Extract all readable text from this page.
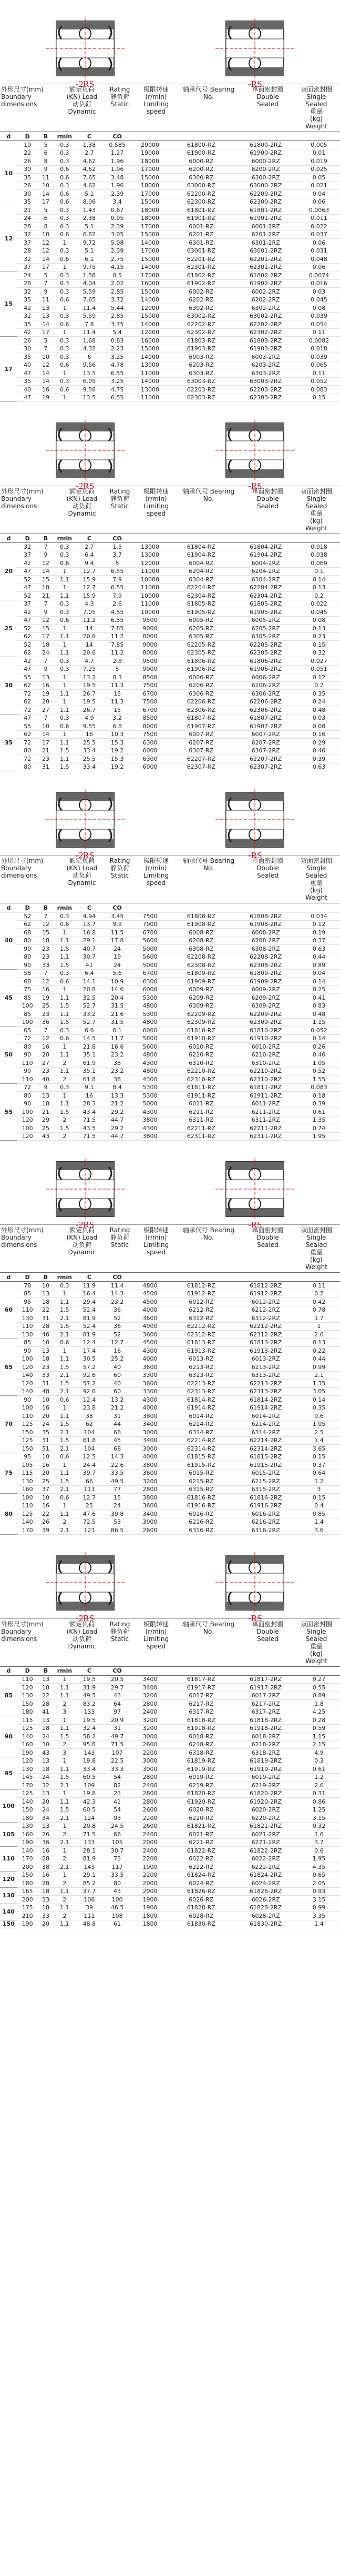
-2RS	-RS
外形尺寸(mm)
Boundary dimensions
额定负荷(KN) Load
动负荷
Dynamic
Rating
静负荷
Static
极限转速
(r/min)
Limiting
speed
轴承代号 Bearing
No.
单面密封圈
Double
Sealed
双面密封圈
Single
Sealed
重量
(kg)
Weight
d	D	B	rmin	C	CO				
10	19	5	0.3	1.38	0.585	20000	61800-RZ	61800-2RZ	0.005
	22	6	0.3	2.7	1.27	19000	61900-RZ	61900-2RZ	0.01
	26	8	0.3	4.62	1.96	18000	6000-RZ	6000-2RZ	0.019
	30	9	0.6	4.62	1.96	17000	6200-RZ	6200-2RZ	0.025
	35	11	0.6	7.65	3.48	15000	6300-RZ	6300-2RZ	0.05
	26	10	0.3	4.62	1.96	18000	63000-RZ	63000-2RZ	0.021
	30	14	0.6	5.1	2.39	17000	62200-RZ	62200-2RZ	0.04
	35	17	0.6	8.06	3.4	15000	62300-RZ	62300-2RZ	0.06
12	21	5	0.3	1.43	0.67	18000	61801-RZ	61801-2RZ	0.0063
	24	6	0.3	2.38	0.95	18000	61901-RZ	61901-2RZ	0.011
	28	8	0.3	5.1	2.39	17000	6001-RZ	6001-2RZ	0.022
	32	10	0.6	6.82	3.05	15000	6201-RZ	6201-2RZ	0.037
	37	12	1	9.72	5.08	14000	6301-RZ	6301-2RZ	0.06
	28	12	0.3	5.1	2.39	17000	63001-RZ	63001-2RZ	0.031
	32	14	0.6	6.1	2.75	15000	62201-RZ	62201-2RZ	0.048
	37	17	1	9.75	4.15	14000	62301-RZ	62301-2RZ	0.06
15	24	5	0.3	1.58	0.5	17000	61802-RZ	61802-2RZ	0.0074
	28	7	0.3	4.04	2.02	16000	61902-RZ	61902-2RZ	0.016
	32	9	0.3	5.59	2.85	15000	6002-RZ	6002-2RZ	0.03
	35	11	0.6	7.65	3.72	14000	6202-RZ	6202-2RZ	0.045
	42	13	1	11.4	5.44	12000	6302-RZ	6302-2RZ	0.08
	32	13	0.3	5.59	2.85	15000	63002-RZ	63002-2RZ	0.039
	35	14	0.6	7.8	3.75	14000	62202-RZ	62202-2RZ	0.054
	42	17	1	11.4	5.4	12000	62302-RZ	62302-2RZ	0.11
17	26	5	0.3	1.68	0.83	16000	61803-RZ	61803-2RZ	0.0082
	30	7	0.3	4.32	2.23	15000	61903-RZ	61903-2RZ	0.018
	35	10	0.3	6	3.25	14000	6003-RZ	6003-2RZ	0.039
	40	12	0.6	9.56	4.78	13000	6203-RZ	6203-2RZ	0.065
	47	14	1	13.5	6.55	11000	6303-RZ	6303-2RZ	0.11
	35	14	0.3	6.05	3.25	14000	63003-RZ	63003-2RZ	0.052
	40	16	0.6	9.56	4.75	13000	62203-RZ	62203-2RZ	0.083
	47	19	1	13.5	6.55	11000	62303-RZ	62303-2RZ	0.15
-2RS	-RS
外形尺寸(mm)
Boundary dimensions
额定负荷(KN) Load
动负荷
Dynamic
Rating
静负荷
Static
极限转速
(r/min)
Limiting
speed
轴承代号 Bearing
No.
单面密封圈
Double
Sealed
双面密封圈
Single
Sealed
重量
(kg)
Weight
d	D	B	rmin	C	CO				
20	32	7	0.3	2.7	1.5	13000	61804-RZ	61804-2RZ	0.018
	37	9	0.3	6.4	3.7	13000	61904-RZ	61904-2RZ	0.038
	42	12	0.6	9.4	5	12000	6004-RZ	6004-2RZ	0.069
	47	14	1	12.7	6.55	11000	6204-RZ	6204-2RZ	0.1
	52	15	1.1	15.9	7.9	10000	6304-RZ	6304-2RZ	0.14
	47	18	1	12.7	6.55	11000	62204-RZ	62204-2RZ	0.13
	52	21	1.1	15.9	7.9	10000	62304-RZ	62304-2RZ	0.2
25	37	7	0.3	4.3	2.6	11000	61805-RZ	61805-2RZ	0.022
	42	9	0.3	7.05	4.55	10000	61905-RZ	61905-2RZ	0.045
	47	12	0.6	11.2	6.55	9500	6005-RZ	6005-2RZ	0.08
	52	15	1	14	7.85	9000	6205-RZ	6205-2RZ	0.13
	62	17	1.1	20.6	11.2	8000	6305-RZ	6305-2RZ	0.23
	52	18	1	14	7.85	9000	62205-RZ	62205-2RZ	0.15
	62	24	1.1	20.6	11.2	8000	62305-RZ	62305-2RZ	0.32
30	42	7	0.3	4.7	2.8	9500	61806-RZ	61806-2RZ	0.027
	47	9	0.3	7.25	5	9000	61906-RZ	61906-2RZ	0.051
	55	13	1	13.2	8.3	8500	6006-RZ	6006-2RZ	0.12
	62	16	1	19.5	11.3	7500	6206-RZ	6206-2RZ	0.2
	72	19	1.1	26.7	15	6700	6306-RZ	6306-2RZ	0.35
	62	20	1	19.5	11.3	7500	62206-RZ	62206-2RZ	0.24
	72	27	1.1	26.7	15	6700	62306-RZ	62306-2RZ	0.48
35	47	7	0.3	4.9	3.2	8500	61807-RZ	61807-2RZ	0.03
	55	10	0.6	9.55	6.8	8000	61907-RZ	61907-2RZ	0.08
	62	14	1	16	10.3	7500	6007-RZ	6007-2RZ	0.16
	72	17	1.1	25.5	15.3	6300	6207-RZ	6207-2RZ	0.29
	80	21	1.5	33.4	19.2	6000	6307-RZ	6307-2RZ	0.46
	72	23	1.1	25.5	15.3	6300	62207-RZ	62207-2RZ	0.39
	80	31	1.5	33.4	19.2	6000	62307-RZ	62307-2RZ	0.63
-2RS	-RS
外形尺寸(mm)
Boundary dimensions
额定负荷(KN) Load
动负荷
Dynamic
Rating
静负荷
Static
极限转速
(r/min)
Limiting
speed
轴承代号 Bearing
No.
单面密封圈
Double
Sealed
双面密封圈
Single
Sealed
重量
(kg)
Weight
d	D	B	rmin	C	CO				
40	52	7	0.3	4.94	3.45	7500	61808-RZ	61808-2RZ	0.034
	62	12	0.6	13.7	9.9	7000	61908-RZ	61908-2RZ	0.12
	68	15	1	16.8	11.5	6700	6008-RZ	6008-2RZ	0.19
	80	18	1.1	29.1	17.8	5600	6208-RZ	6208-2RZ	0.37
	90	23	1.5	40.7	24	5000	6308-RZ	6308-2RZ	0.63
	80	23	1.1	30.7	19	5600	62208-RZ	62208-2RZ	0.44
	90	33	1.5	41	24	5000	62308-RZ	62308-2RZ	0.89
45	58	7	0.3	6.4	5.6	6700	61809-RZ	61809-2RZ	0.04
	68	12	0.6	14.1	10.9	6300	61909-RZ	61909-2RZ	0.14
	75	16	1	20.8	14.6	6000	6009-RZ	6009-2RZ	0.25
	85	19	1.1	32.5	20.4	5300	6209-RZ	6209-2RZ	0.41
	100	25	1.5	52.7	31.5	4800	6309-RZ	6309-2RZ	0.83
	85	23	1.1	33.2	21.6	5300	62209-RZ	62209-2RZ	0.48
	100	36	1.5	52.7	31.5	4800	62309-RZ	62309-2RZ	1.15
50	65	7	0.3	6.6	6.1	6000	61810-RZ	61810-2RZ	0.052
	72	12	0.6	14.5	11.7	5800	61910-RZ	61910-2RZ	0.14
	80	16	1	21.8	16.6	5600	6010-RZ	6010-2RZ	0.26
	90	20	1.1	35.1	23.2	4800	6210-RZ	6210-2RZ	0.46
	110	27	2	61.9	38	4300	6310-RZ	6310-2RZ	1.05
	90	23	1.1	35.1	23.2	4800	62210-RZ	62210-2RZ	0.52
	110	40	2	61.8	38	4300	62310-RZ	62310-2RZ	1.55
55	72	9	0.3	9.1	8.4	5300	61811-RZ	61811-2RZ	0.083
	80	13	1	16	13.3	5300	61911-RZ	61911-2RZ	0.18
	90	18	1.1	28.3	21.2	5000	6011-RZ	6011-2RZ	0.39
	100	21	1.5	43.4	29.2	4300	6211-RZ	6211-2RZ	0.61
	120	29	2	71.5	44.7	3800	6311-RZ	6311-2RZ	1.35
	100	25	1.5	43.5	29.2	4300	62211-RZ	62211-2RZ	0.74
	120	43	2	71.5	44.7	3800	62311-RZ	62311-2RZ	1.95
-2RS	-RS
外形尺寸(mm)
Boundary dimensions
额定负荷(KN) Load
动负荷
Dynamic
Rating
静负荷
Static
极限转速
(r/min)
Limiting
speed
轴承代号 Bearing
No.
单面密封圈
Double
Sealed
双面密封圈
Single
Sealed
重量
(kg)
Weight
d	D	B	rmin	C	CO				
60	78	10	0.3	11.9	11.4	4800	61812-RZ	61812-2RZ	0.11
	85	13	1	16.4	14.3	4500	61912-RZ	61912-2RZ	0.2
	95	18	1.1	29.4	23.2	4500	6012-RZ	6012-2RZ	0.42
	110	22	1.5	52.4	36	4000	6212-RZ	6212-2RZ	0.78
	130	31	2.1	81.9	52	3600	6312-RZ	6312-2RZ	1.7
	110	28	1.5	52.4	36	4000	62212-RZ	62212-2RZ	1
	130	46	2.1	81.9	52	3600	62312-RZ	62312-2RZ	2.6
65	85	10	0.6	12.4	12.7	4500	61813-RZ	61813-2RZ	0.13
	90	13	1	17.4	16	4300	61913-RZ	61913-2RZ	0.22
	100	18	1.1	30.5	25.2	4000	6013-RZ	6013-2RZ	0.44
	120	23	1.5	57.2	40	3600	6213-RZ	6213-2RZ	0.99
	140	33	2.1	92.6	60	3300	6313-RZ	6313-2RZ	2.1
	120	31	1.5	57.2	40	3600	62213-RZ	62213-2RZ	1.35
	140	48	2.1	92.6	60	3300	62313-RZ	62313-2RZ	3.05
70	90	10	0.6	12.4	13.2	4300	61814-RZ	61814-2RZ	0.14
	100	16	1	23.8	21.2	4000	61914-RZ	61914-2RZ	0.35
	110	20	1.1	38	31	3800	6014-RZ	6014-2RZ	0.6
	125	24	1.5	62	44	3400	6214-RZ	6214-2RZ	1.05
	150	35	2.1	104	68	3000	6314-RZ	6314-2RZ	2.5
	125	31	1.5	61.8	45	3400	62214-RZ	62214-2RZ	1.4
	150	51	2.1	104	68	3000	62314-RZ	62314-2RZ	3.65
75	95	10	0.6	12.5	14.3	4000	61815-RZ	61815-2RZ	0.15
	105	16	1	24.4	22.6	3800	61915-RZ	61915-2RZ	0.37
	115	20	1.1	39.7	33.5	3600	6015-RZ	6015-2RZ	0.64
	130	25	1.5	66	49.5	3200	6215-RZ	6215-2RZ	1.2
	160	37	2.1	113	77	2800	6315-RZ	6315-2RZ	3
80	100	10	0.6	12.7	15	3800	61816-RZ	61816-2RZ	0.15
	110	16	1	25	24	3600	61916-RZ	61916-2RZ	0.4
	125	22	1.1	47.6	39.8	3400	6016-RZ	6016-2RZ	0.85
	140	26	2	72.5	53	3000	6216-RZ	6216-2RZ	1.4
	170	39	2.1	123	86.5	2600	6316-RZ	6316-2RZ	3.6
-2RS	-RS
外形尺寸(mm)
Boundary dimensions
额定负荷(KN) Load
动负荷
Dynamic
Rating
静负荷
Static
极限转速
(r/min)
Limiting
speed
轴承代号 Bearing
No.
单面密封圈
Double
Sealed
双面密封圈
Single
Sealed
重量
(kg)
Weight
d	D	B	rmin	C	CO				
85	110	13	1	19.5	20.5	3400	61817-RZ	61817-2RZ	0.27
	120	18	1.1	31.9	29.7	3400	61917-RZ	61917-2RZ	0.55
	130	22	1.1	49.5	43	3200	6017-RZ	6017-2RZ	0.89
	150	28	2	83.2	64	2800	6217-RZ	6217-2RZ	1.8
	180	41	3	133	97	2400	6317-RZ	6317-2RZ	4.25
90	115	13	1	19.5	20.9	3200	61818-RZ	61818-2RZ	0.28
	125	18	1.1	32.4	31	3200	61918-RZ	61918-2RZ	0.59
	140	24	1.5	58.2	49.7	3000	6018-RZ	6018-2RZ	1.15
	160	30	2	95.8	71.5	2600	6218-RZ	6218-2RZ	2.15
	190	43	3	143	107	2200	6318-RZ	6318-2RZ	4.9
95	120	13	1	19.8	22.5	3000	61819-RZ	61819-2RZ	0.3
	130	18	1.1	33.4	33.3	3000	61919-RZ	61919-2RZ	0.61
	145	24	1.5	60.5	54	2800	6019-RZ	6019-2RZ	1.2
	170	32	2.1	109	82	2400	6219-RZ	6219-2RZ	2.6
100	125	13	1	19.8	23	2800	61820-RZ	61820-2RZ	0.31
	140	20	1.1	42.3	41	2800	61920-RZ	61920-2RZ	0.86
	150	24	1.5	60.5	54	2600	6020-RZ	6020-2RZ	1.25
	180	34	2.1	124	93	2200	6220-RZ	6220-2RZ	3.15
105	130	13	1	20.8	24.5	2600	61821-RZ	61821-2RZ	0.32
	160	26	2	71.5	66	2400	6021-RZ	6021-2RZ	1.6
	190	36	2.1	133	105	2000	6221-RZ	6221-2RZ	3.7
110	140	16	1	28.1	30.7	2400	61822-RZ	61822-2RZ	0.6
	170	28	2	81.9	73	2200	6022-RZ	6022-2RZ	1.95
	200	38	2.1	143	117	1900	6222-RZ	6222-2RZ	4.35
120	150	16	1	29.1	33.5	2200	61824-RZ	61824-2RZ	0.65
	180	28	2	85.2	80	2000	6024-RZ	6024-2RZ	2.05
130	165	18	1.1	37.7	43	2000	61826-RZ	61826-2RZ	0.93
	200	33	2	106	100	1900	6026-RZ	6026-2RZ	3.15
140	175	18	1.1	39	46.5	1900	61828-RZ	61828-2RZ	0.99
	210	33	2	111	108	1800	6028-RZ	6028-2RZ	3.35
150	190	20	1.1	48.8	61	1800	61830-RZ	61830-2RZ	1.4
